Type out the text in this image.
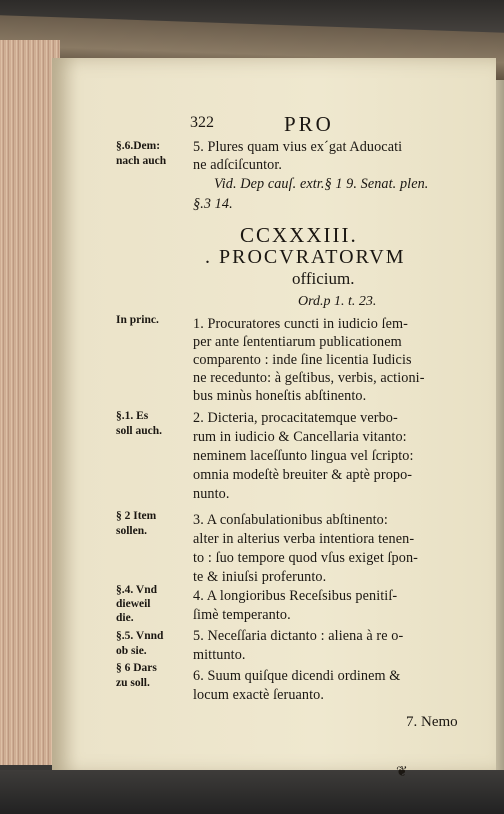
322	PRO
§.6.Dem:
nach auch
5. Plures quam vius ex´gat Aduocati
ne adſciſcuntor.
Vid. Dep cauſ. extr.§ 1 9. Senat. plen.
§.3 14.
CCXXXIII.
. PROCVRATORVM
officium.
Ord.p 1. t. 23.
In princ. 1. Procuratores cuncti in iudicio ſem-
per ante ſententiarum publicationem
comparento : inde ſine licentia Iudicis
ne recedunto: à geſtibus, verbis, actioni-
bus minùs honeſtis abſtinento.
§.1. Es
soll auch.
2. Dicteria, procacitatemque verbo-
rum in iudicio & Cancellaria vitanto:
neminem laceſſunto lingua vel ſcripto:
omnia modeſtè breuiter & aptè propo-
nunto.
§ 2 Item
sollen.
3. A conſabulationibus abſtinento:
alter in alterius verba intentiora tenen-
to : ſuo tempore quod vſus exiget ſpon-
te & iniuſsi proferunto.
§.4. Vnd
dieweil
die.
4. A longioribus Receſsibus penitiſ-
ſimè temperanto.
§.5. Vnnd
ob sie.
5. Neceſſaria dictanto : aliena à re o-
mittunto.
§ 6 Dars
zu soll.	6. Suum quiſque dicendi ordinem &
locum exactè ſeruanto.
7. Nemo
❦
